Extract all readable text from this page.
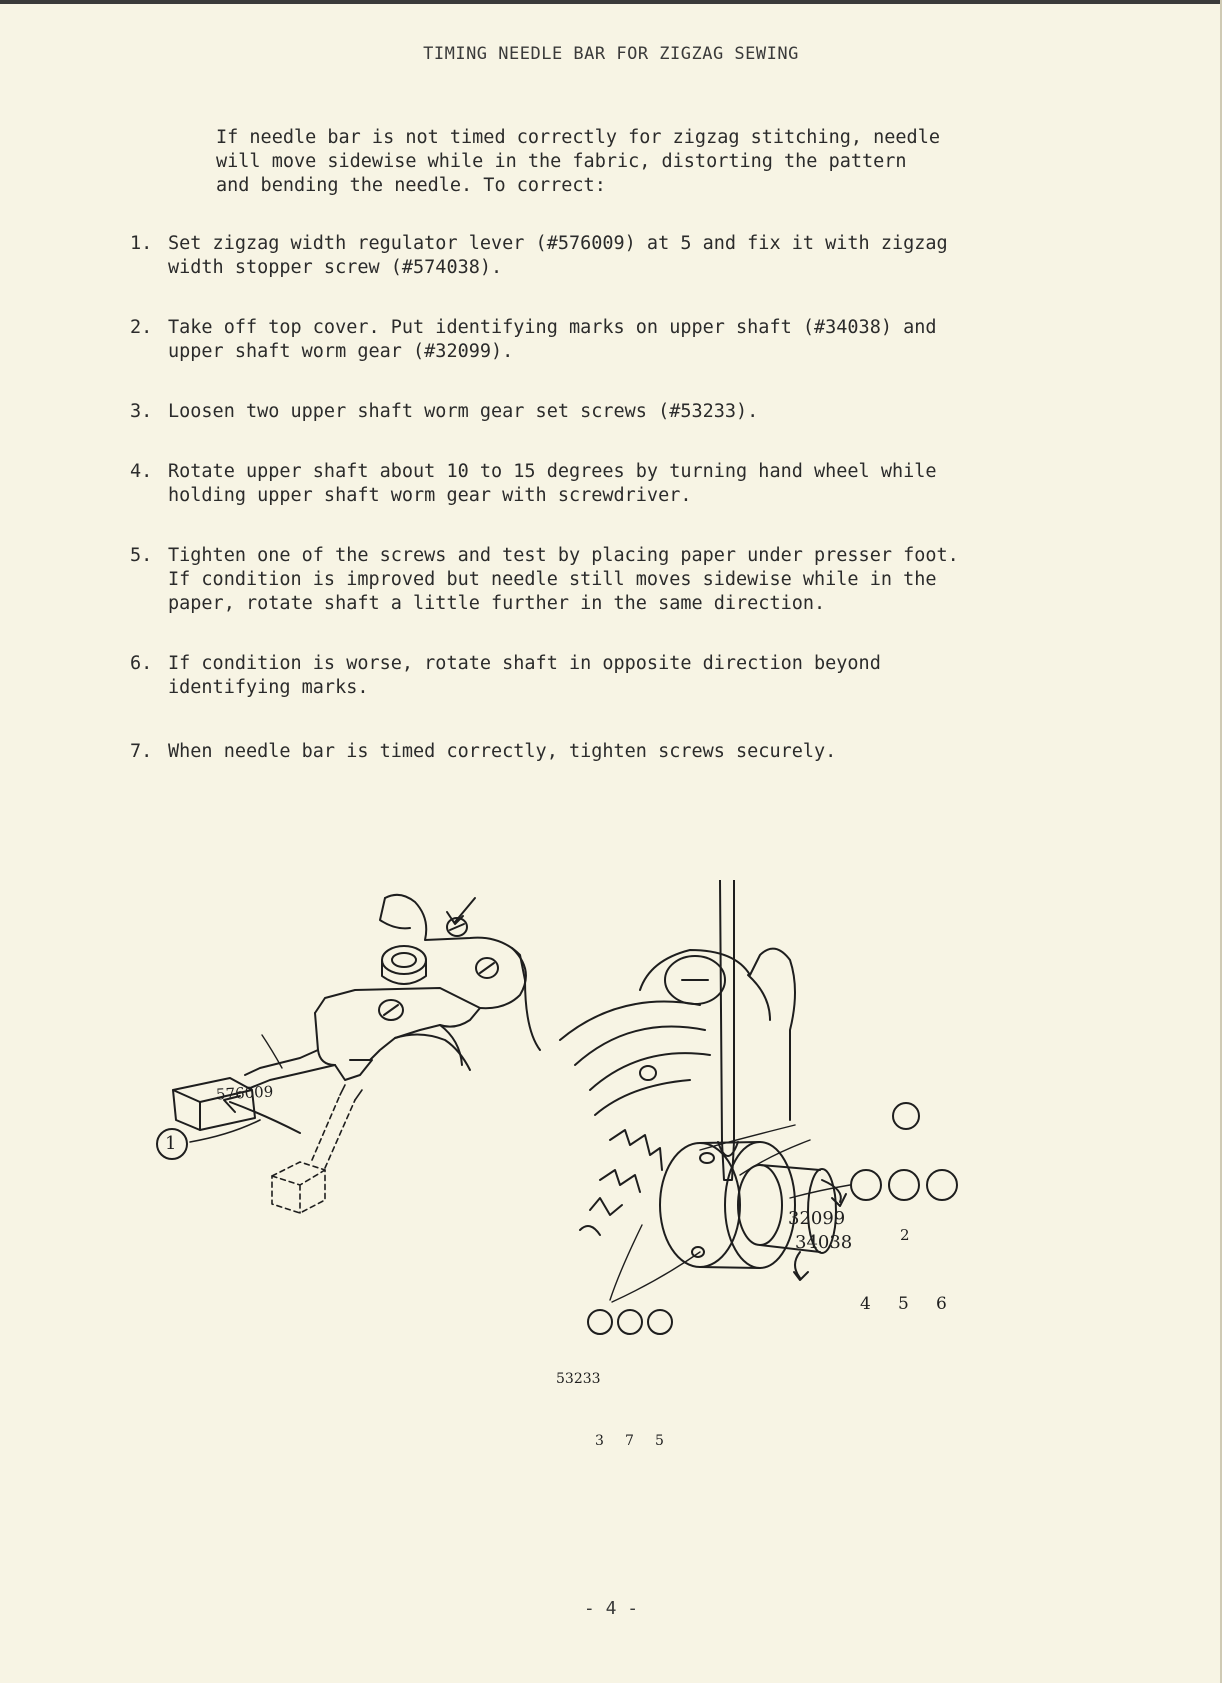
TIMING NEEDLE BAR FOR ZIGZAG SEWING
If needle bar is not timed correctly for zigzag stitching, needle
will move sidewise while in the fabric, distorting the pattern
and bending the needle. To correct:
1. Set zigzag width regulator lever (#576009) at 5 and fix it with zigzag
width stopper screw (#574038).
2. Take off top cover. Put identifying marks on upper shaft (#34038) and
upper shaft worm gear (#32099).
3. Loosen two upper shaft worm gear set screws (#53233).
4. Rotate upper shaft about 10 to 15 degrees by turning hand wheel while
holding upper shaft worm gear with screwdriver.
5. Tighten one of the screws and test by placing paper under presser foot.
If condition is improved but needle still moves sidewise while in the
paper, rotate shaft a little further in the same direction.
6. If condition is worse, rotate shaft in opposite direction beyond
identifying marks.
7. When needle bar is timed correctly, tighten screws securely.
576009
1
32099
34038
53233
2
4 5 6
3 7 5
- 4 -
